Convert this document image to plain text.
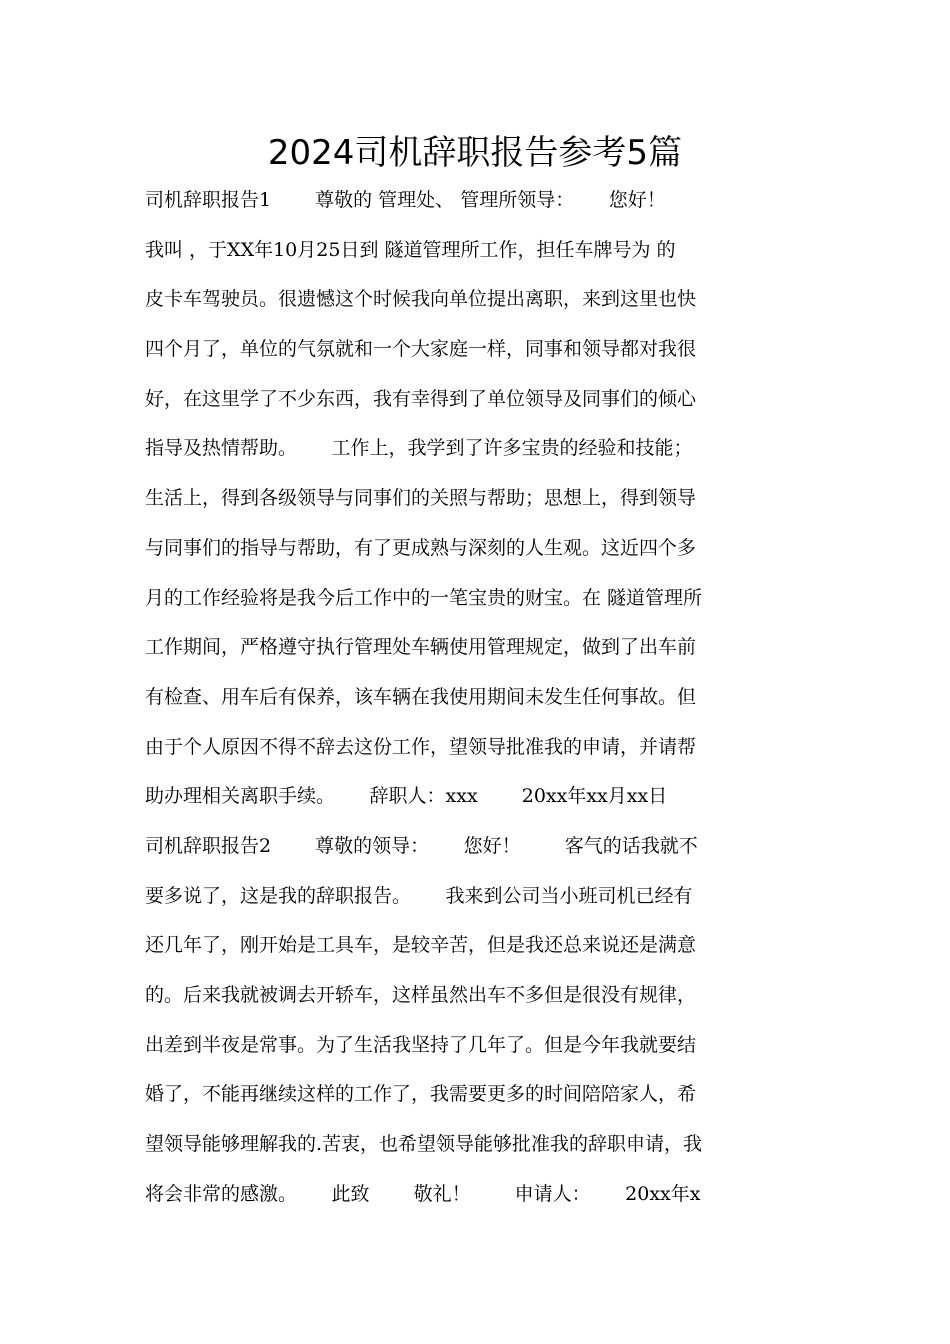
2024司机辞职报告参考5篇
司机辞职报告1　　 尊敬的 管理处、 管理所领导：　　 您好！
我叫 ，于XX年10月25日到 隧道管理所工作，担任车牌号为 的
皮卡车驾驶员。很遗憾这个时候我向单位提出离职，来到这里也快
四个月了，单位的气氛就和一个大家庭一样，同事和领导都对我很
好，在这里学了不少东西，我有幸得到了单位领导及同事们的倾心
指导及热情帮助。　　 工作上，我学到了许多宝贵的经验和技能；
生活上，得到各级领导与同事们的关照与帮助；思想上，得到领导
与同事们的指导与帮助，有了更成熟与深刻的人生观。这近四个多
月的工作经验将是我今后工作中的一笔宝贵的财宝。在 隧道管理所
工作期间，严格遵守执行管理处车辆使用管理规定，做到了出车前
有检查、用车后有保养，该车辆在我使用期间未发生任何事故。但
由于个人原因不得不辞去这份工作，望领导批准我的申请，并请帮
助办理相关离职手续。　　 辞职人：xxx　　 20xx年xx月xx日
司机辞职报告2　　 尊敬的领导：　　 您好！　　 客气的话我就不
要多说了，这是我的辞职报告。　　 我来到公司当小班司机已经有
还几年了，刚开始是工具车，是较辛苦，但是我还总来说还是满意
的。后来我就被调去开轿车，这样虽然出车不多但是很没有规律，
出差到半夜是常事。为了生活我坚持了几年了。但是今年我就要结
婚了，不能再继续这样的工作了，我需要更多的时间陪陪家人，希
望领导能够理解我的.苦衷，也希望领导能够批准我的辞职申请，我
将会非常的感激。　　 此致　　 敬礼！　　 申请人：　　 20xx年x
